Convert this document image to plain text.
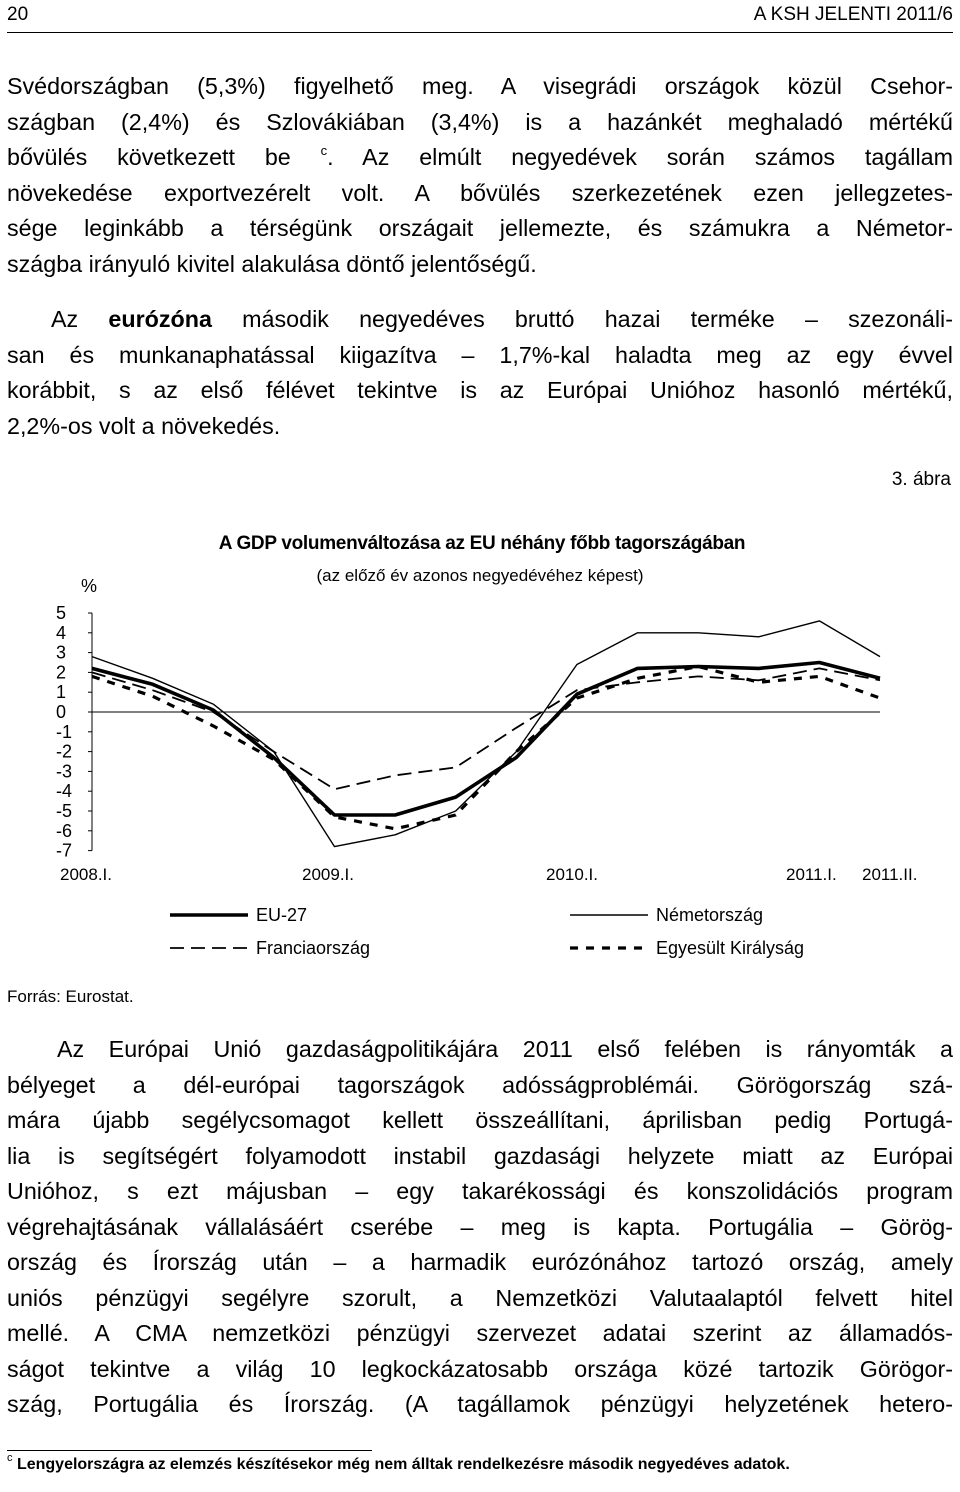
20	A KSH JELENTI 2011/6
Svédországban (5,3%) figyelhető meg. A visegrádi országok közül Csehor-
szágban (2,4%) és Szlovákiában (3,4%) is a hazánkét meghaladó mértékű
bővülés következett be $^c$. Az elmúlt negyedévek során számos tagállam
növekedése exportvezérelt volt. A bővülés szerkezetének ezen jellegzetes-
sége leginkább a térségünk országait jellemezte, és számukra a Németor-
szágba irányuló kivitel alakulása döntő jelentőségű.
Az eurózóna második negyedéves bruttó hazai terméke – szezonáli-
san és munkanaphatással kiigazítva – 1,7%-kal haladta meg az egy évvel
korábbit, s az első félévet tekintve is az Európai Unióhoz hasonló mértékű,
2,2%-os volt a növekedés.
3. ábra
A GDP volumenváltozása az EU néhány főbb tagországában
(az előző év azonos negyedévéhez képest)
%
5
4
3
2
1
0
-1
-2
-3
-4
-5
-6
-7
2008.I.	2009.I.	2010.I.	2011.I. 2011.II.
EU-27	Németország
Franciaország	Egyesült Királyság
Forrás: Eurostat.
Az Európai Unió gazdaságpolitikájára 2011 első felében is rányomták a
bélyeget a dél-európai tagországok adósságproblémái. Görögország szá-
mára újabb segélycsomagot kellett összeállítani, áprilisban pedig Portugá-
lia is segítségért folyamodott instabil gazdasági helyzete miatt az Európai
Unióhoz, s ezt májusban – egy takarékossági és konszolidációs program
végrehajtásának vállalásáért cserébe – meg is kapta. Portugália – Görög-
ország és Írország után – a harmadik eurózónához tartozó ország, amely
uniós pénzügyi segélyre szorult, a Nemzetközi Valutaalaptól felvett hitel
mellé. A CMA nemzetközi pénzügyi szervezet adatai szerint az államadós-
ságot tekintve a világ 10 legkockázatosabb országa közé tartozik Görögor-
szág, Portugália és Írország. (A tagállamok pénzügyi helyzetének hetero-
$^c$ Lengyelországra az elemzés készítésekor még nem álltak rendelkezésre második negyedéves adatok.
